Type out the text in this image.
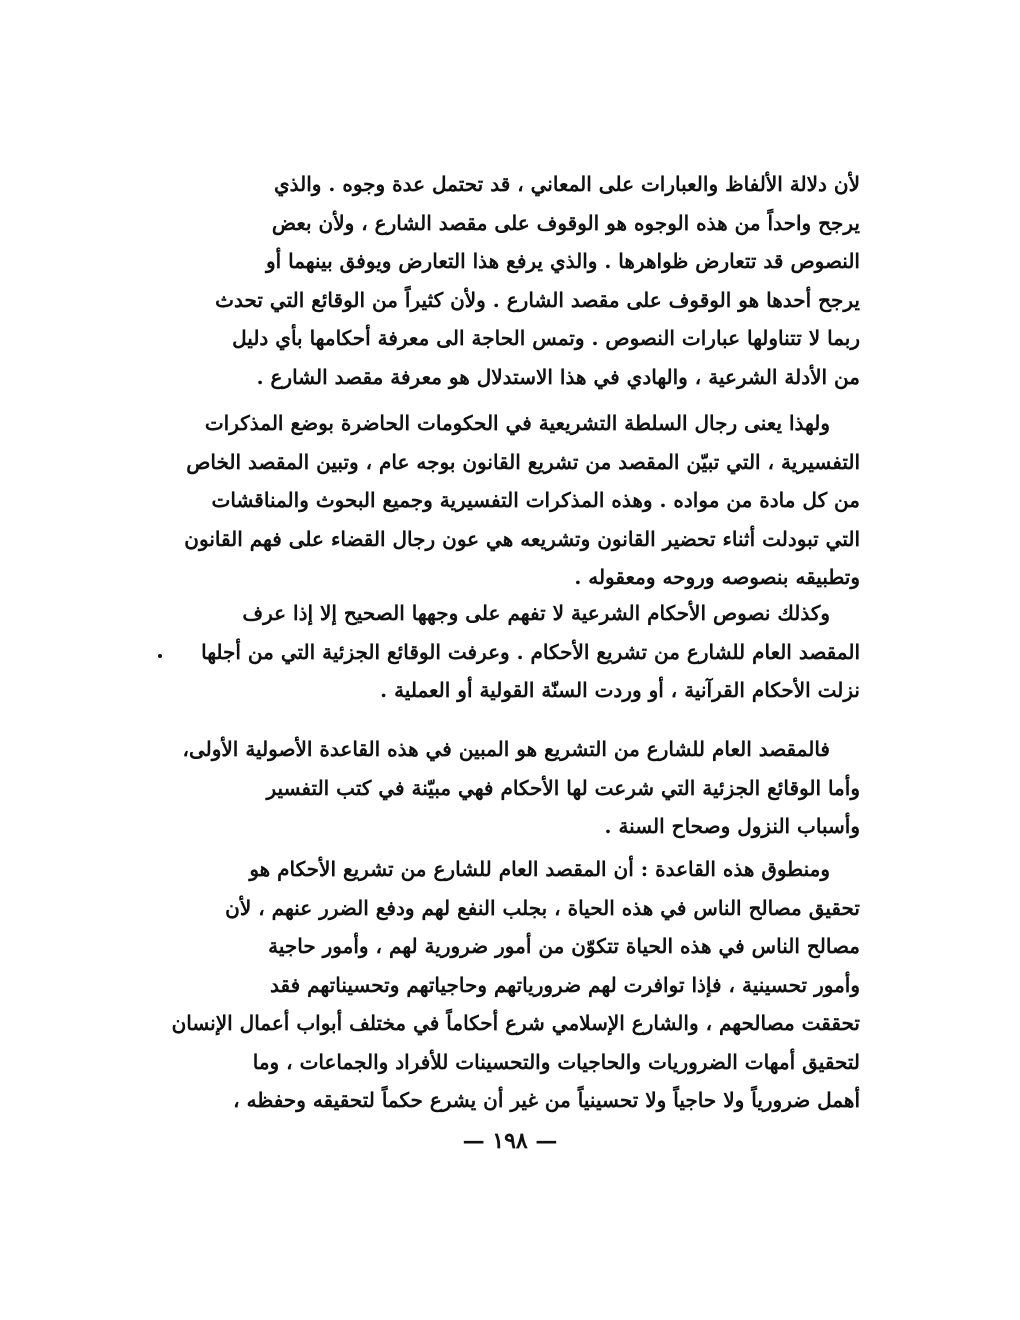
لأن دلالة الألفاظ والعبارات على المعاني ، قد تحتمل عدة وجوه . والذي
يرجح واحداً من هذه الوجوه هو الوقوف على مقصد الشارع ، ولأن بعض
النصوص قد تتعارض ظواهرها . والذي يرفع هذا التعارض ويوفق بينهما أو
يرجح أحدها هو الوقوف على مقصد الشارع . ولأن كثيراً من الوقائع التي تحدث
ربما لا تتناولها عبارات النصوص . وتمس الحاجة الى معرفة أحكامها بأي دليل
من الأدلة الشرعية ، والهادي في هذا الاستدلال هو معرفة مقصد الشارع .
ولهذا يعنى رجال السلطة التشريعية في الحكومات الحاضرة بوضع المذكرات
التفسيرية ، التي تبيّن المقصد من تشريع القانون بوجه عام ، وتبين المقصد الخاص
من كل مادة من مواده . وهذه المذكرات التفسيرية وجميع البحوث والمناقشات
التي تبودلت أثناء تحضير القانون وتشريعه هي عون رجال القضاء على فهم القانون
وتطبيقه بنصوصه وروحه ومعقوله .
وكذلك نصوص الأحكام الشرعية لا تفهم على وجهها الصحيح إلا إذا عرف
المقصد العام للشارع من تشريع الأحكام . وعرفت الوقائع الجزئية التي من أجلها
نزلت الأحكام القرآنية ، أو وردت السنّة القولية أو العملية .
فالمقصد العام للشارع من التشريع هو المبين في هذه القاعدة الأصولية الأولى،
وأما الوقائع الجزئية التي شرعت لها الأحكام فهي مبيّنة في كتب التفسير
وأسباب النزول وصحاح السنة .
ومنطوق هذه القاعدة : أن المقصد العام للشارع من تشريع الأحكام هو
تحقيق مصالح الناس في هذه الحياة ، بجلب النفع لهم ودفع الضرر عنهم ، لأن
مصالح الناس في هذه الحياة تتكوّن من أمور ضرورية لهم ، وأمور حاجية
وأمور تحسينية ، فإذا توافرت لهم ضرورياتهم وحاجياتهم وتحسيناتهم فقد
تحققت مصالحهم ، والشارع الإسلامي شرع أحكاماً في مختلف أبواب أعمال الإنسان
لتحقيق أمهات الضروريات والحاجيات والتحسينات للأفراد والجماعات ، وما
أهمل ضرورياً ولا حاجياً ولا تحسينياً من غير أن يشرع حكماً لتحقيقه وحفظه ،
— ١٩٨ —
